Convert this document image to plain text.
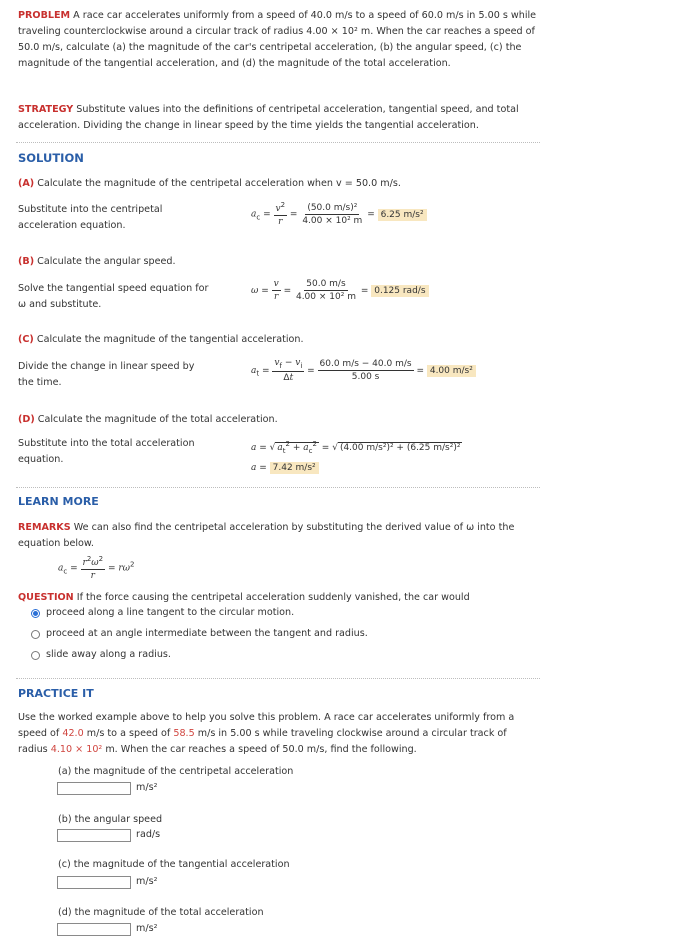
PROBLEM A race car accelerates uniformly from a speed of 40.0 m/s to a speed of 60.0 m/s in 5.00 s while traveling counterclockwise around a circular track of radius 4.00 × 10² m. When the car reaches a speed of 50.0 m/s, calculate (a) the magnitude of the car's centripetal acceleration, (b) the angular speed, (c) the magnitude of the tangential acceleration, and (d) the magnitude of the total acceleration.
STRATEGY Substitute values into the definitions of centripetal acceleration, tangential speed, and total acceleration. Dividing the change in linear speed by the time yields the tangential acceleration.
SOLUTION
(A) Calculate the magnitude of the centripetal acceleration when v = 50.0 m/s.
Substitute into the centripetal acceleration equation.
$a_c = \frac{v^2}{r} = \frac{\text{(50.0 m/s)²}}{\text{4.00 × 10² m}} = 6.25$ m/s²
(B) Calculate the angular speed.
Solve the tangential speed equation for ω and substitute.
$\omega = \frac{v}{r} = \frac{50.0 m/s}{\text{4.00 × 10² m}} = 0.125$ rad/s
(C) Calculate the magnitude of the tangential acceleration.
Divide the change in linear speed by the time.
$a_t = \frac{v_f - v_i}{\Delta t} = \frac{60.0 m/s - 40.0 m/s}{5.00 s} = 4.00$ m/s²
(D) Calculate the magnitude of the total acceleration.
Substitute into the total acceleration equation.
a = √ $a_t^2 + a_c^2$ = √ (4.00 m/s²)² + (6.25 m/s²)²
a = 7.42 m/s²
LEARN MORE
REMARKS We can also find the centripetal acceleration by substituting the derived value of ω into the equation below.
$a_c = \frac{r^2\omega^2}{r} = r\omega^2$
QUESTION If the force causing the centripetal acceleration suddenly vanished, the car would
proceed along a line tangent to the circular motion.
proceed at an angle intermediate between the tangent and radius.
slide away along a radius.
PRACTICE IT
Use the worked example above to help you solve this problem. A race car accelerates uniformly from a
speed of 42.0 m/s to a speed of 58.5 m/s in 5.00 s while traveling clockwise around a circular track of
radius 4.10 × 10² m. When the car reaches a speed of 50.0 m/s, find the following.
(a) the magnitude of the centripetal acceleration
m/s²
(b) the angular speed
rad/s
(c) the magnitude of the tangential acceleration
m/s²
(d) the magnitude of the total acceleration
m/s²
